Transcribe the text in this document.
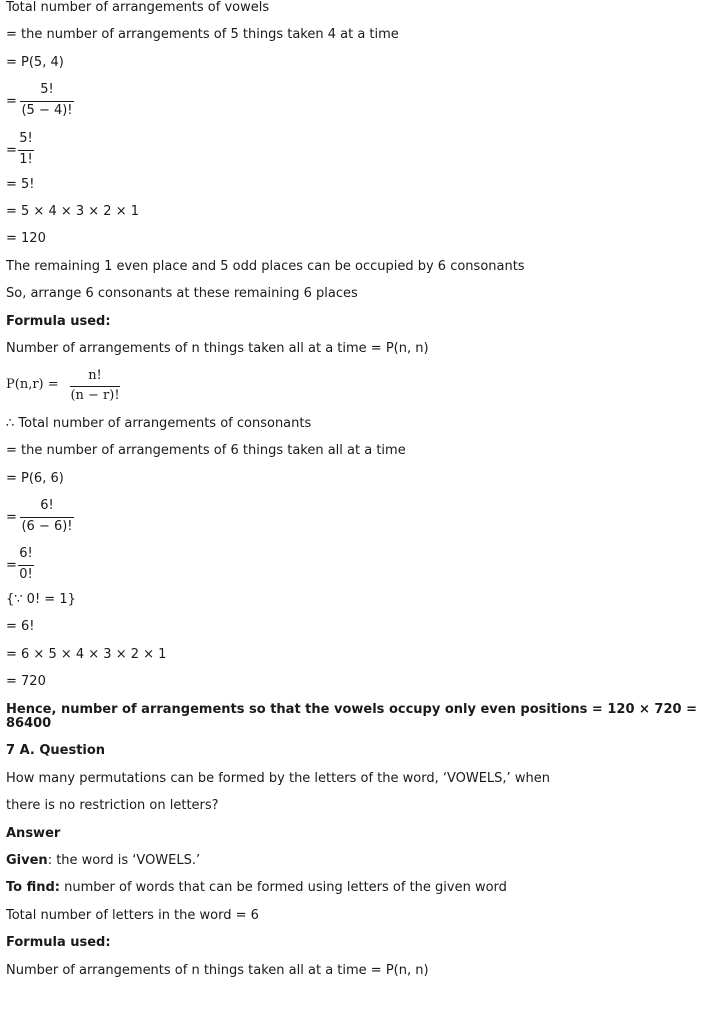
Total number of arrangements of vowels
= the number of arrangements of 5 things taken 4 at a time
= P(5, 4)
=
5!
(5 − 4)!
=
5!
1!
= 5!
= 5 × 4 × 3 × 2 × 1
= 120
The remaining 1 even place and 5 odd places can be occupied by 6 consonants
So, arrange 6 consonants at these remaining 6 places
Formula used:
Number of arrangements of n things taken all at a time = P(n, n)
P(n,r) =
n!
(n − r)!
∴ Total number of arrangements of consonants
= the number of arrangements of 6 things taken all at a time
= P(6, 6)
=
6!
(6 − 6)!
=
6!
0!
{∵ 0! = 1}
= 6!
= 6 × 5 × 4 × 3 × 2 × 1
= 720
Hence, number of arrangements so that the vowels occupy only even positions = 120 × 720 =
86400
7 A. Question
How many permutations can be formed by the letters of the word, ‘VOWELS,’ when
there is no restriction on letters?
Answer
Given: the word is ‘VOWELS.’
To find: number of words that can be formed using letters of the given word
Total number of letters in the word = 6
Formula used:
Number of arrangements of n things taken all at a time = P(n, n)
